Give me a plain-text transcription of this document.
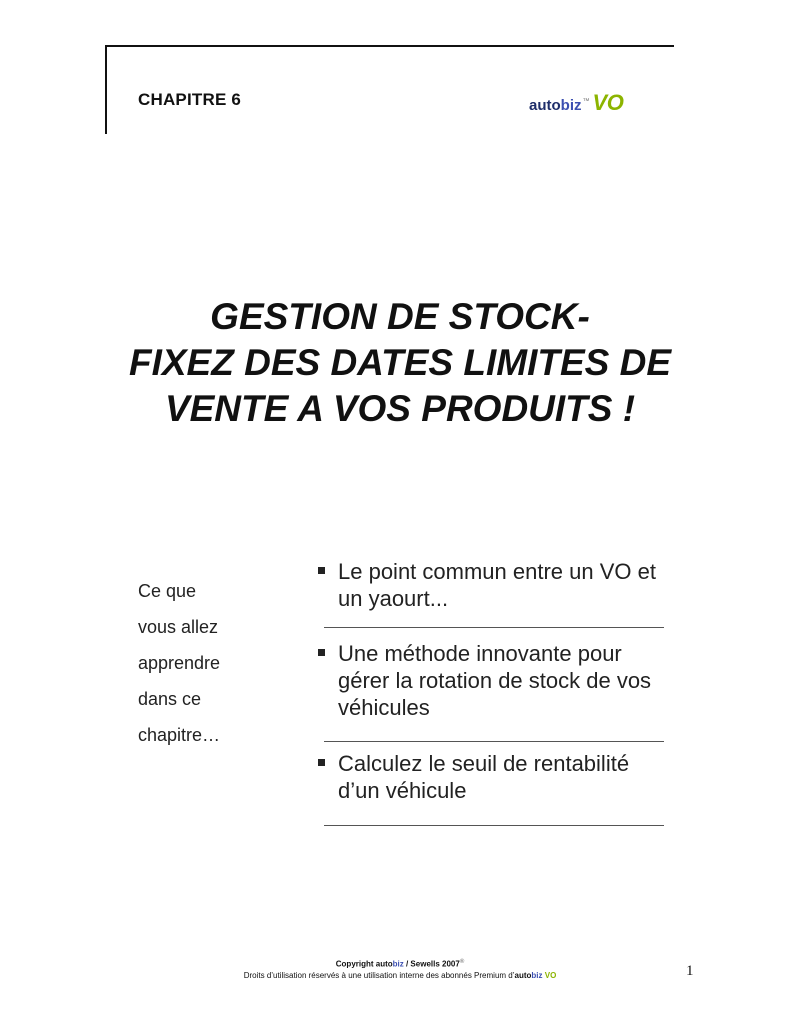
CHAPITRE 6	auto biz ™ VO
GESTION DE STOCK-
FIXEZ DES DATES LIMITES DE
VENTE A VOS PRODUITS !
Ce que
vous allez
apprendre
dans ce
chapitre…
Le point commun entre un VO et un yaourt...
Une méthode innovante pour gérer la rotation de stock de vos véhicules
Calculez le seuil de rentabilité d’un véhicule
Copyright autobiz / Sewells 2007®
Droits d’utilisation réservés à une utilisation interne des abonnés Premium d’autobiz VO	1
